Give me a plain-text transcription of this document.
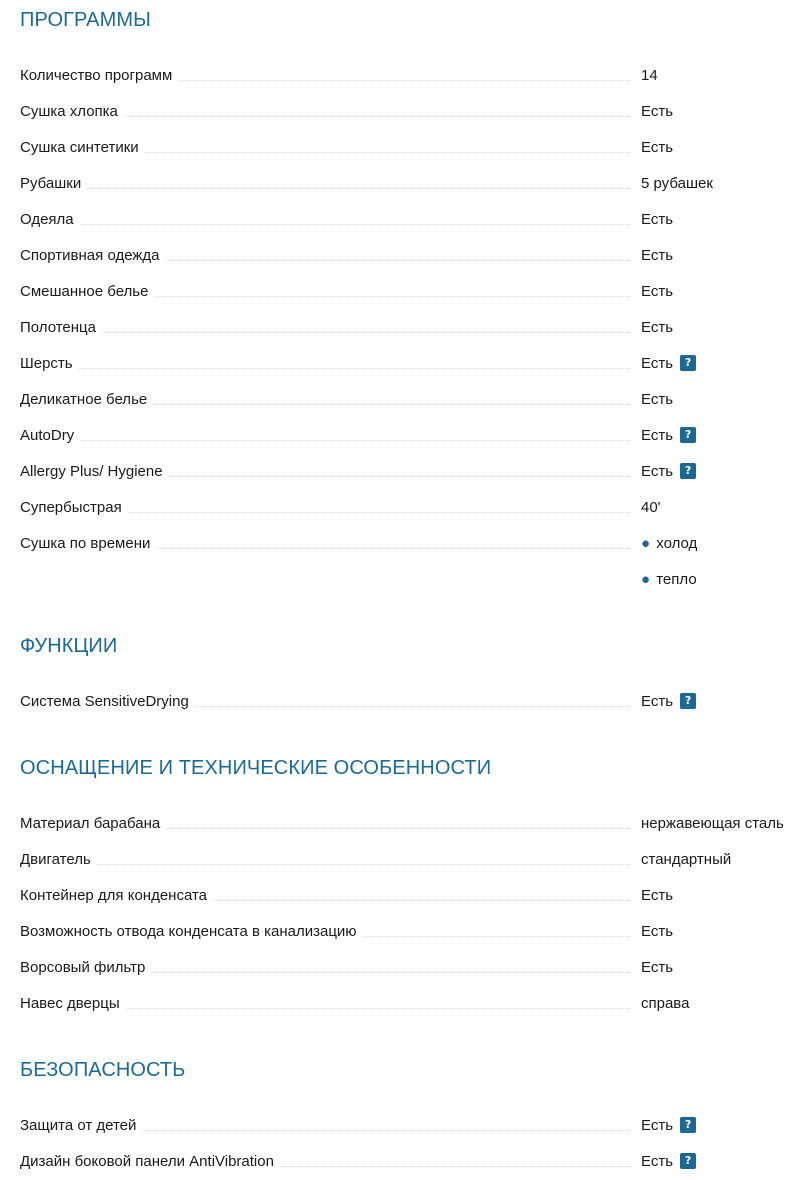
ПРОГРАММЫ
Количество программ	14
Сушка хлопка	Есть
Сушка синтетики	Есть
Рубашки	5 рубашек
Одеяла	Есть
Спортивная одежда	Есть
Смешанное белье	Есть
Полотенца	Есть
Шерсть	Есть ?
Деликатное белье	Есть
AutoDry	Есть ?
Allergy Plus/ Hygiene	Есть ?
Супербыстрая	40'
Сушка по времени	● холод
● тепло
ФУНКЦИИ
Система SensitiveDrying	Есть ?
ОСНАЩЕНИЕ И ТЕХНИЧЕСКИЕ ОСОБЕННОСТИ
Материал барабана	нержавеющая сталь
Двигатель	стандартный
Контейнер для конденсата	Есть
Возможность отвода конденсата в канализацию	Есть
Ворсовый фильтр	Есть
Навес дверцы	справа
БЕЗОПАСНОСТЬ
Защита от детей	Есть ?
Дизайн боковой панели AntiVibration	Есть ?
